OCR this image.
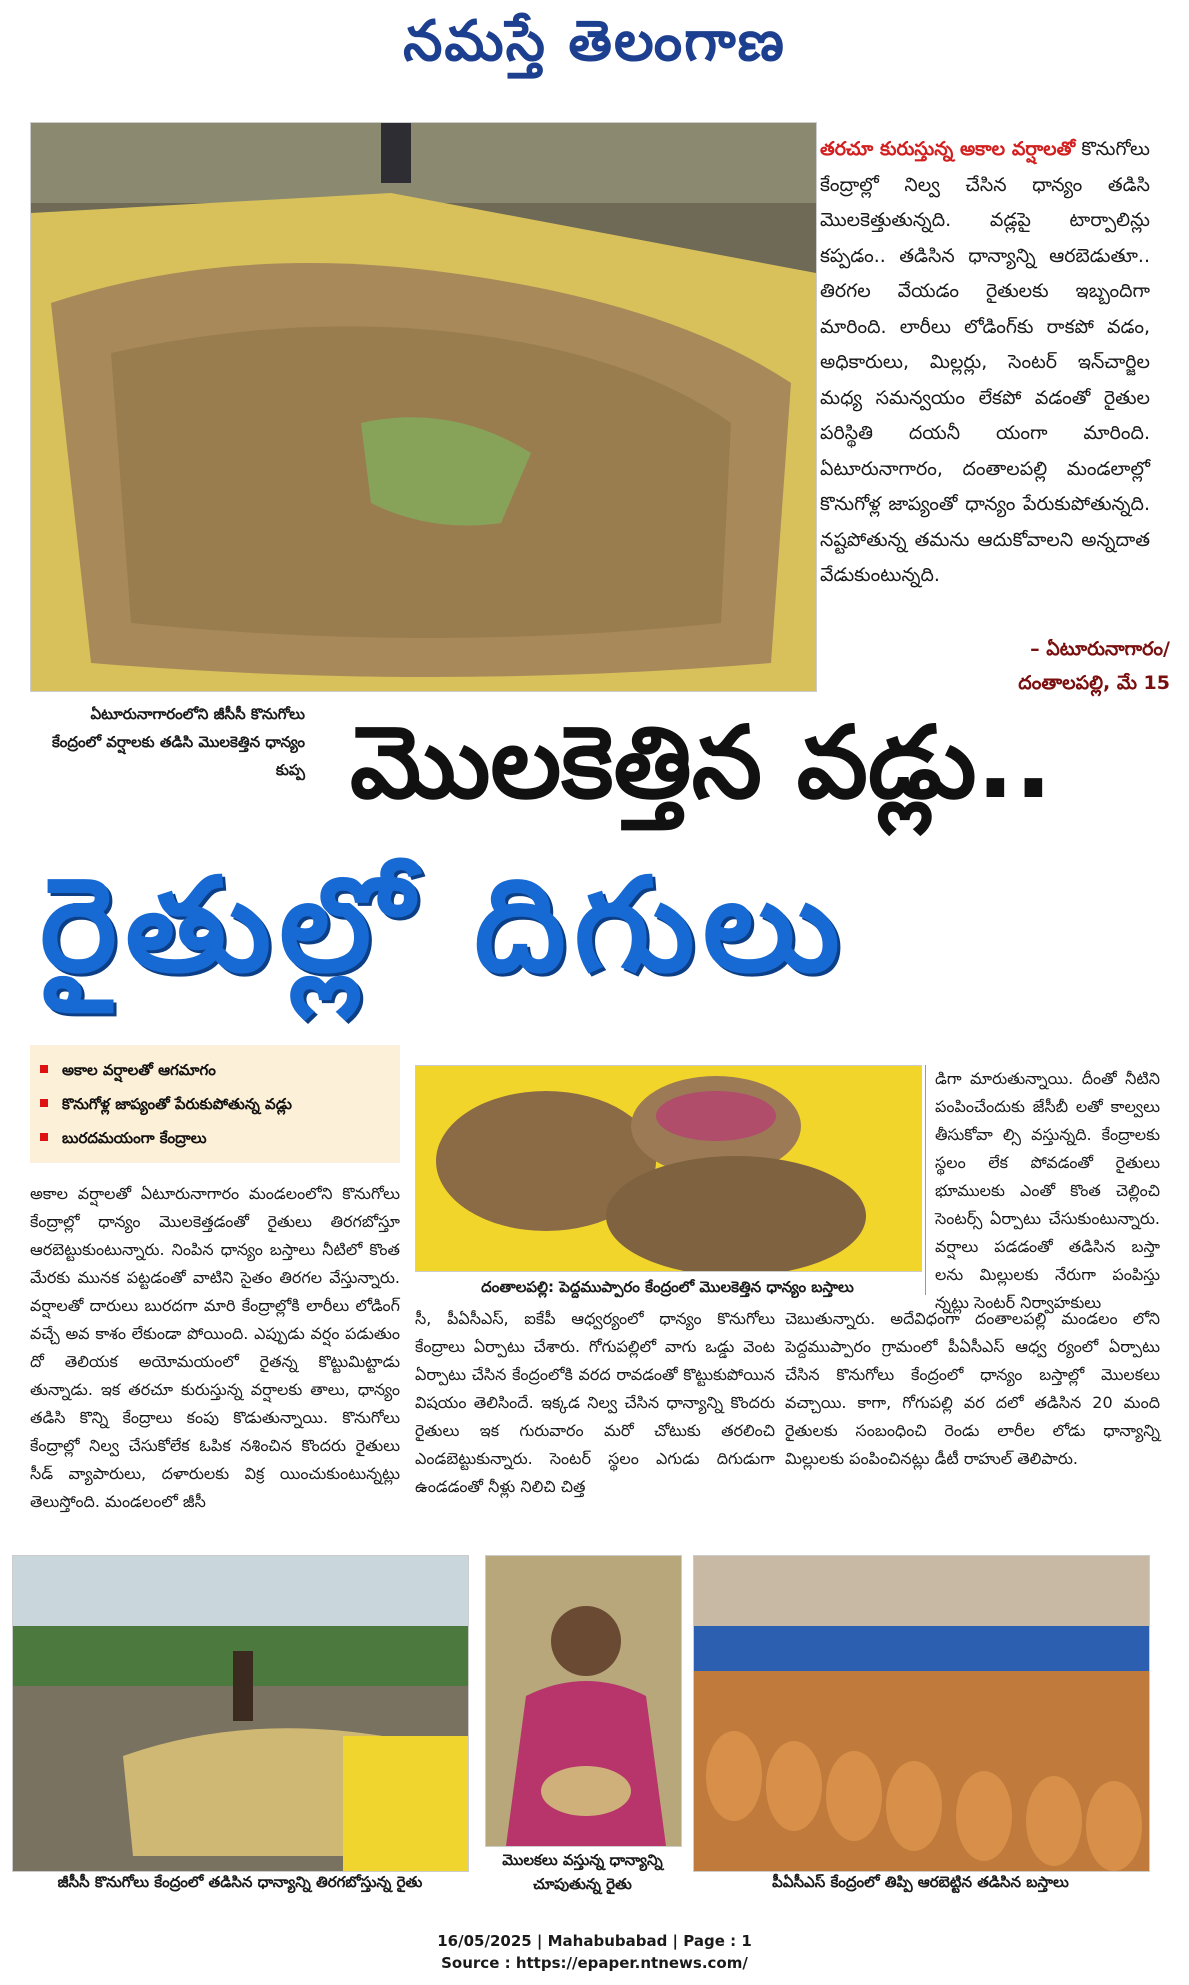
నమస్తే తెలంగాణ
తరచూ కురుస్తున్న అకాల వర్షాలతో కొనుగోలు కేంద్రాల్లో నిల్వ చేసిన ధాన్యం తడిసి మొలకెత్తుతున్నది. వడ్లపై టార్పాలిన్లు కప్పడం.. తడిసిన ధాన్యాన్ని ఆరబెడుతూ.. తిరగల వేయడం రైతులకు ఇబ్బందిగా మారింది. లారీలు లోడింగ్‌కు రాకపో వడం, అధికారులు, మిల్లర్లు, సెంటర్ ఇన్‌చార్జిల మధ్య సమన్వయం లేకపో వడంతో రైతుల పరిస్థితి దయనీ యంగా మారింది. ఏటూరునాగారం, దంతాలపల్లి మండలాల్లో కొనుగోళ్ల జాప్యంతో ధాన్యం పేరుకుపోతున్నది. నష్టపోతున్న తమను ఆదుకోవాలని అన్నదాత వేడుకుంటున్నది.
– ఏటూరునాగారం/
దంతాలపల్లి, మే 15
ఏటూరునాగారంలోని జీసీసీ కొనుగోలు కేంద్రంలో వర్షాలకు తడిసి మొలకెత్తిన ధాన్యం కుప్ప మొలకెత్తిన వడ్లు..
రైతుల్లో దిగులు
అకాల వర్షాలతో ఆగమాగం
కొనుగోళ్ల జాప్యంతో పేరుకుపోతున్న వడ్లు
బురదమయంగా కేంద్రాలు
దంతాలపల్లి: పెద్దముప్పారం కేంద్రంలో మొలకెత్తిన ధాన్యం బస్తాలు
అకాల వర్షాలతో ఏటూరునాగారం మండలంలోని కొనుగోలు కేంద్రాల్లో ధాన్యం మొలకెత్తడంతో రైతులు తిరగబోస్తూ ఆరబెట్టుకుంటున్నారు. నింపిన ధాన్యం బస్తాలు నీటిలో కొంత మేరకు మునక పట్టడంతో వాటిని సైతం తిరగల వేస్తున్నారు. వర్షాలతో దారులు బురదగా మారి కేంద్రాల్లోకి లారీలు లోడింగ్ వచ్చే అవ కాశం లేకుండా పోయింది. ఎప్పుడు వర్షం పడుతుం దో తెలియక అయోమయంలో రైతన్న కొట్టుమిట్టాడు తున్నాడు. ఇక తరచూ కురుస్తున్న వర్షాలకు తాలు, ధాన్యం తడిసి కొన్ని కేంద్రాలు కంపు కొడుతున్నాయి. కొనుగోలు కేంద్రాల్లో నిల్వ చేసుకోలేక ఓపిక నశించిన కొందరు రైతులు సీడ్ వ్యాపారులు, దళారులకు విక్ర యించుకుంటున్నట్లు తెలుస్తోంది. మండలంలో జీసీ
సీ, పీఏసీఎస్, ఐకేపీ ఆధ్వర్యంలో ధాన్యం కొనుగోలు కేంద్రాలు ఏర్పాటు చేశారు. గోగుపల్లిలో వాగు ఒడ్డు వెంట ఏర్పాటు చేసిన కేంద్రంలోకి వరద రావడంతో కొట్టుకుపోయిన విషయం తెలిసిందే. ఇక్కడ నిల్వ చేసిన ధాన్యాన్ని కొందరు రైతులు ఇక గురువారం మరో చోటుకు తరలించి ఎండబెట్టుకున్నారు. సెంటర్ స్థలం ఎగుడు దిగుడుగా ఉండడంతో నీళ్లు నిలిచి చిత్త
డిగా మారుతున్నాయి. దీంతో నీటిని పంపించేందుకు జేసీబీ లతో కాల్వలు తీసుకోవా ల్సి వస్తున్నది. కేంద్రాలకు స్థలం లేక పోవడంతో రైతులు భూములకు ఎంతో కొంత చెల్లించి సెంటర్స్ ఏర్పాటు చేసుకుంటున్నారు. వర్షాలు పడడంతో తడిసిన బస్తా లను మిల్లులకు నేరుగా పంపిస్తు న్నట్లు సెంటర్ నిర్వాహకులు
చెబుతున్నారు. అదేవిధంగా దంతాలపల్లి మండలం లోని పెద్దముప్పారం గ్రామంలో పీఏసీఎస్ ఆధ్వ ర్యంలో ఏర్పాటు చేసిన కొనుగోలు కేంద్రంలో ధాన్యం బస్తాల్లో మొలకలు వచ్చాయి. కాగా, గోగుపల్లి వర దలో తడిసిన 20 మంది రైతులకు సంబంధించి రెండు లారీల లోడు ధాన్యాన్ని మిల్లులకు పంపించినట్లు డీటీ రాహుల్ తెలిపారు.
జీసీసీ కొనుగోలు కేంద్రంలో తడిసిన ధాన్యాన్ని తిరగబోస్తున్న రైతు
మొలకలు వస్తున్న ధాన్యాన్ని చూపుతున్న రైతు	పీఏసీఎస్ కేంద్రంలో తిప్పి ఆరబెట్టిన తడిసిన బస్తాలు
16/05/2025 | Mahabubabad | Page : 1
Source : https://epaper.ntnews.com/
